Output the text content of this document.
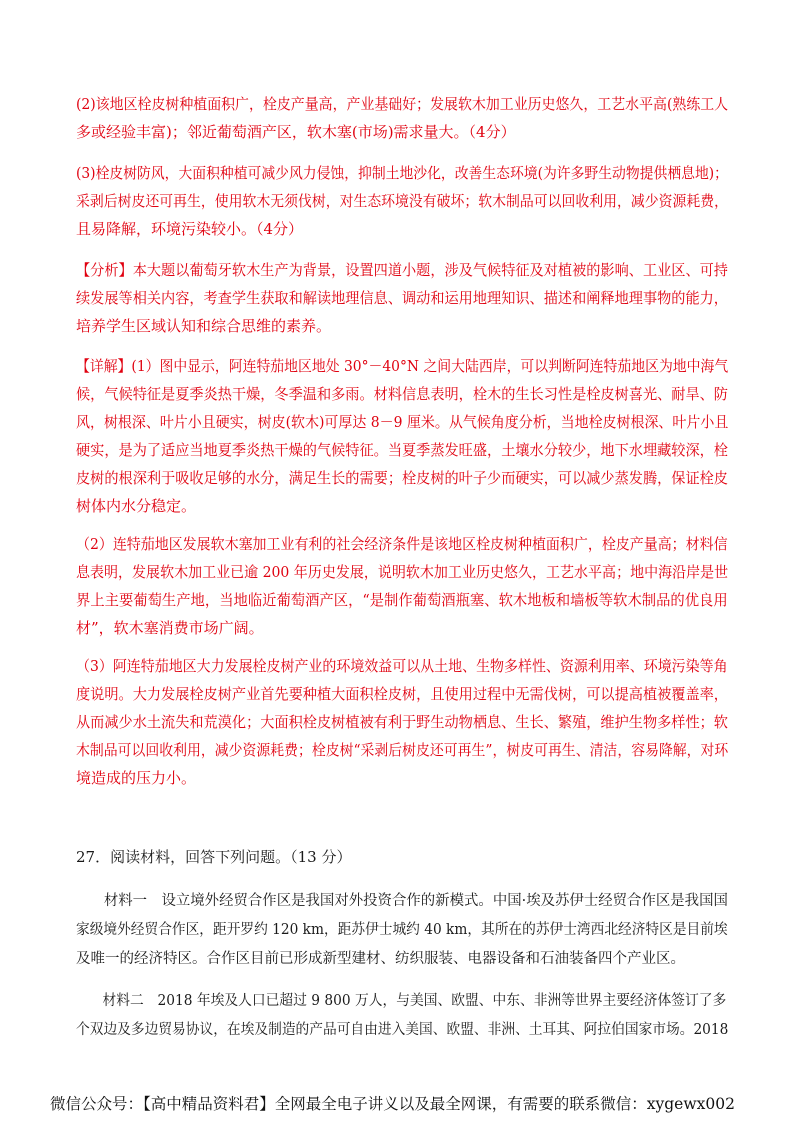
(2)该地区栓皮树种植面积广，栓皮产量高，产业基础好；发展软木加工业历史悠久，工艺水平高(熟练工人
多或经验丰富)；邻近葡萄酒产区，软木塞(市场)需求量大。（4分）

(3)栓皮树防风，大面积种植可减少风力侵蚀，抑制土地沙化，改善生态环境(为许多野生动物提供栖息地)；
采剥后树皮还可再生，使用软木无须伐树，对生态环境没有破坏；软木制品可以回收利用，减少资源耗费，
且易降解，环境污染较小。（4分）

【分析】本大题以葡萄牙软木生产为背景，设置四道小题，涉及气候特征及对植被的影响、工业区、可持
续发展等相关内容，考查学生获取和解读地理信息、调动和运用地理知识、描述和阐释地理事物的能力，
培养学生区域认知和综合思维的素养。

【详解】(1）图中显示，阿连特茄地区地处 30°－40°N 之间大陆西岸，可以判断阿连特茄地区为地中海气
候，气候特征是夏季炎热干燥，冬季温和多雨。材料信息表明，栓木的生长习性是栓皮树喜光、耐旱、防
风，树根深、叶片小且硬实，树皮(软木)可厚达 8－9 厘米。从气候角度分析，当地栓皮树根深、叶片小且
硬实，是为了适应当地夏季炎热干燥的气候特征。当夏季蒸发旺盛，土壤水分较少，地下水埋藏较深，栓
皮树的根深利于吸收足够的水分，满足生长的需要；栓皮树的叶子少而硬实，可以减少蒸发腾，保证栓皮
树体内水分稳定。

（2）连特茄地区发展软木塞加工业有利的社会经济条件是该地区栓皮树种植面积广，栓皮产量高；材料信
息表明，发展软木加工业已逾 200 年历史发展，说明软木加工业历史悠久，工艺水平高；地中海沿岸是世
界上主要葡萄生产地，当地临近葡萄酒产区，“是制作葡萄酒瓶塞、软木地板和墙板等软木制品的优良用
材”，软木塞消费市场广阔。

（3）阿连特茄地区大力发展栓皮树产业的环境效益可以从土地、生物多样性、资源利用率、环境污染等角
度说明。大力发展栓皮树产业首先要种植大面积栓皮树，且使用过程中无需伐树，可以提高植被覆盖率，
从而减少水土流失和荒漠化；大面积栓皮树植被有利于野生动物栖息、生长、繁殖，维护生物多样性；软
木制品可以回收利用，减少资源耗费；栓皮树“采剥后树皮还可再生”，树皮可再生、清洁，容易降解，对环
境造成的压力小。

27．阅读材料，回答下列问题。（13 分）

材料一　设立境外经贸合作区是我国对外投资合作的新模式。中国·埃及苏伊士经贸合作区是我国国
家级境外经贸合作区，距开罗约 120 km，距苏伊士城约 40 km，其所在的苏伊士湾西北经济特区是目前埃
及唯一的经济特区。合作区目前已形成新型建材、纺织服装、电器设备和石油装备四个产业区。

材料二　2018 年埃及人口已超过 9 800 万人，与美国、欧盟、中东、非洲等世界主要经济体签订了多
个双边及多边贸易协议，在埃及制造的产品可自由进入美国、欧盟、非洲、土耳其、阿拉伯国家市场。2018

微信公众号：【高中精品资料君】全网最全电子讲义以及最全网课，有需要的联系微信：xygewx002
